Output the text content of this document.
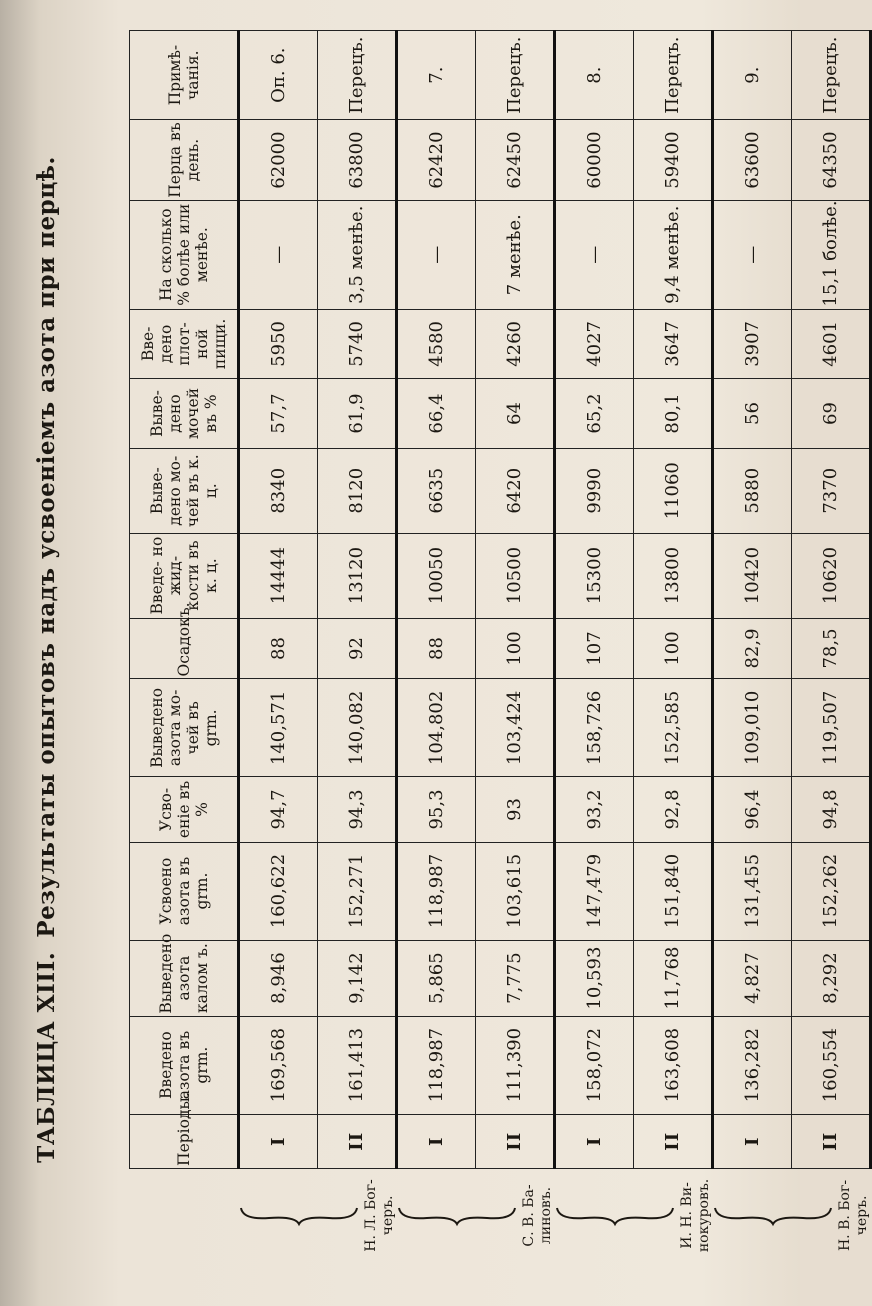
ТАБЛИЦА XIII.
Результаты опытовъ надъ усвоеніемъ азота при перцѣ.
	Періоды.	Введено азота въ grm.	Выведено азота калом ъ.	Усвоено азота въ grm.	Усво- еніе въ %	Выведено азота мо- чей въ grm.	Осадокъ.	Введе- но жид- кости въ к. ц.	Выве- дено мо- чей въ к. ц.	Выве- дено мочей въ %	Вве- дено плот- ной пищи.	На сколько % болѣе или менѣе.	Перца въ день.	Примѣ- чанія.

Н. Л. Бог- черъ.	I	169,568	8,946	160,622	94,7	140,571	88	14444	8340	57,7	5950	—	62000	Оп. 6.
	II	161,413	9,142	152,271	94,3	140,082	92	13120	8120	61,9	5740	3,5 менѣе.	63800	Перецъ.

С. В. Ба- линовъ.	I	118,987	5,865	118,987	95,3	104,802	88	10050	6635	66,4	4580	—	62420	7.
	II	111,390	7,775	103,615	93	103,424	100	10500	6420	64	4260	7 менѣе.	62450	Перецъ.

И. Н. Ви- нокуровъ.	I	158,072	10,593	147,479	93,2	158,726	107	15300	9990	65,2	4027	—	60000	8.
	II	163,608	11,768	151,840	92,8	152,585	100	13800	11060	80,1	3647	9,4 менѣе.	59400	Перецъ.

Н. В. Бог- черъ.	I	136,282	4,827	131,455	96,4	109,010	82,9	10420	5880	56	3907	—	63600	9.
	II	160,554	8,292	152,262	94,8	119,507	78,5	10620	7370	69	4601	15,1 болѣе.	64350	Перецъ.
